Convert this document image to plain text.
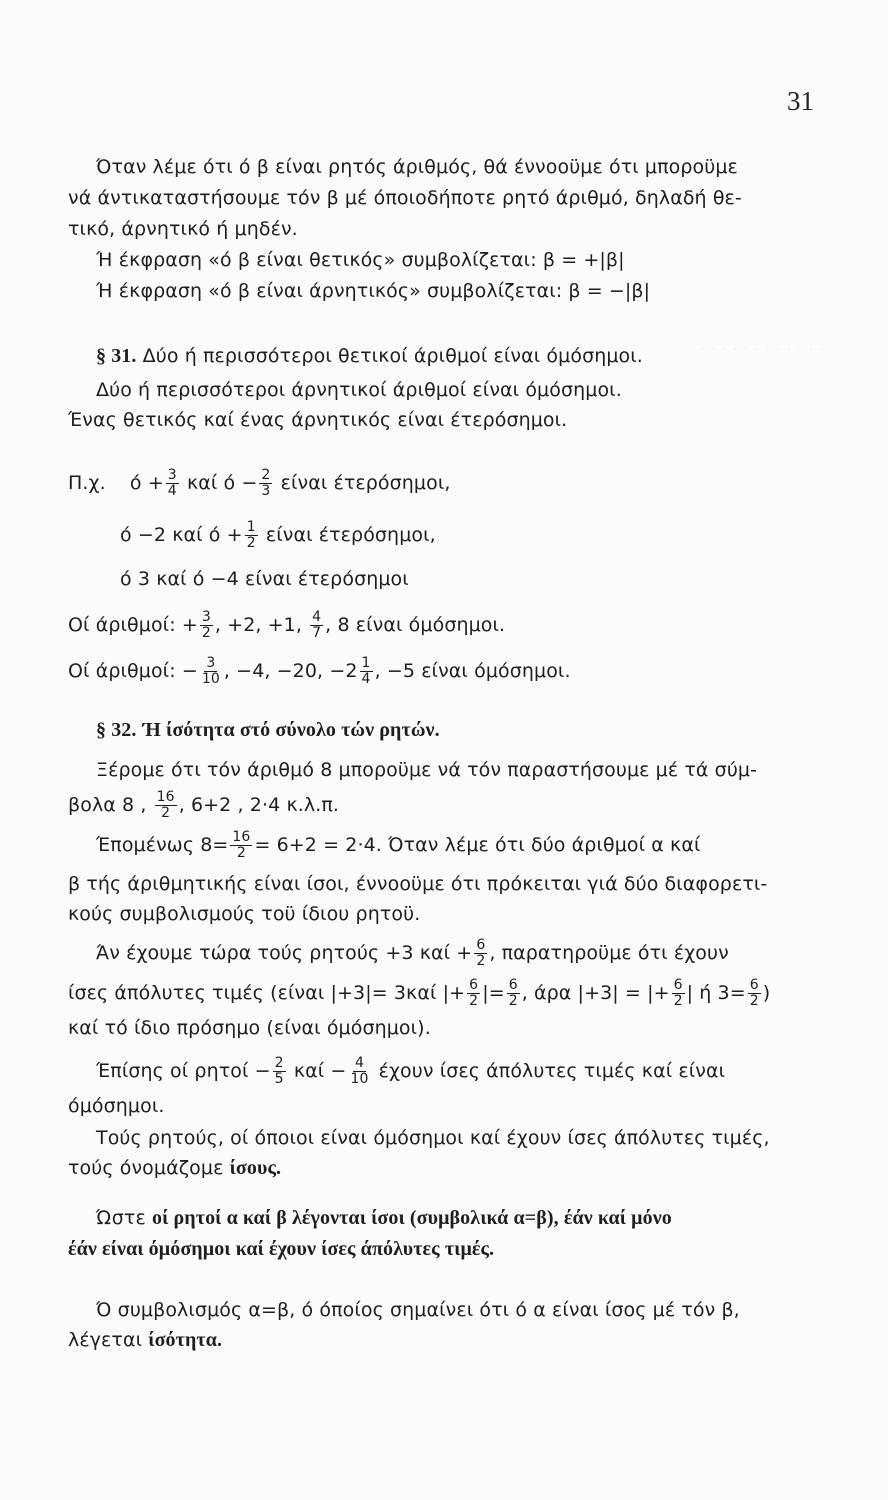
31
Όταν λέμε ότι ό β είναι ρητός άριθμός, θά έννοοϋμε ότι μποροϋμε
νά άντικαταστήσουμε τόν β μέ όποιοδήποτε ρητό άριθμό, δηλαδή θε-
τικό, άρνητικό ή μηδέν.
Ή έκφραση «ό β είναι θετικός» συμβολίζεται: β = +|β|
Ή έκφραση «ό β είναι άρνητικός» συμβολίζεται: β = −|β|
§ 31. Δύο ή περισσότεροι θετικοί άριθμοί είναι όμόσημοι.
Δύο ή περισσότεροι άρνητικοί άριθμοί είναι όμόσημοι.
Ένας θετικός καί ένας άρνητικός είναι έτερόσημοι.
Π.χ. $ό + \frac{3}{4}$ καί $ό - \frac{2}{3}$ είναι έτερόσημοι,
ό −2 καί $ό + \frac{1}{2}$ είναι έτερόσημοι,
ό 3 καί ό −4 είναι έτερόσημοι
Οί άριθμοί: + $\frac{3}{2}$ , +2, +1, $\frac{4}{7}$ , 8 είναι όμόσημοι.
Οί άριθμοί: − $\frac{3}{10}$ , −4, −20, $-2 \frac{1}{4}$ , −5 είναι όμόσημοι.
§ 32. Ή ίσότητα στό σύνολο τών ρητών.
Ξέρομε ότι τόν άριθμό 8 μποροϋμε νά τόν παραστήσουμε μέ τά σύμ-
βολα 8 , $\frac{16}{2}$ , 6+2 , 2·4 κ.λ.π.
Έπομένως $8= \frac{16}{2} = 6+2 = 2\cdot 4$. Όταν λέμε ότι δύο άριθμοί α καί
β τής άριθμητικής είναι ίσοι, έννοοϋμε ότι πρόκειται γιά δύο διαφορετι-
κούς συμβολισμούς τοϋ ίδιου ρητοϋ.
Άν έχουμε τώρα τούς ρητούς +3 $\kappa\alpha ί + \frac{6}{2}$ , παρατηροϋμε ότι έχουν
ίσες άπόλυτες τιμές (είναι |+3|= 3καί |+ $\frac{6}{2}$ |= $\frac{6}{2}$ , άρα |+3| = |+ $\frac{6}{2}$ | ή $3= \frac{6}{2}$ )
καί τό ίδιο πρόσημο (είναι όμόσημοι).
Έπίσης οί $\rho\eta\tau oί - \frac{2}{5}$ $\kappa\alpha ί - \frac{4}{10}$ έχουν ίσες άπόλυτες τιμές καί είναι
όμόσημοι.
Τούς ρητούς, οί όποιοι είναι όμόσημοι καί έχουν ίσες άπόλυτες τιμές,
τούς όνομάζομε ίσους.
Ώστε οί ρητοί α καί β λέγονται ίσοι (συμβολικά α=β), έάν καί μόνο
έάν είναι όμόσημοι καί έχουν ίσες άπόλυτες τιμές.
Ό συμβολισμός α=β, ό όποίος σημαίνει ότι ό α είναι ίσος μέ τόν β,
λέγεται ίσότητα.
